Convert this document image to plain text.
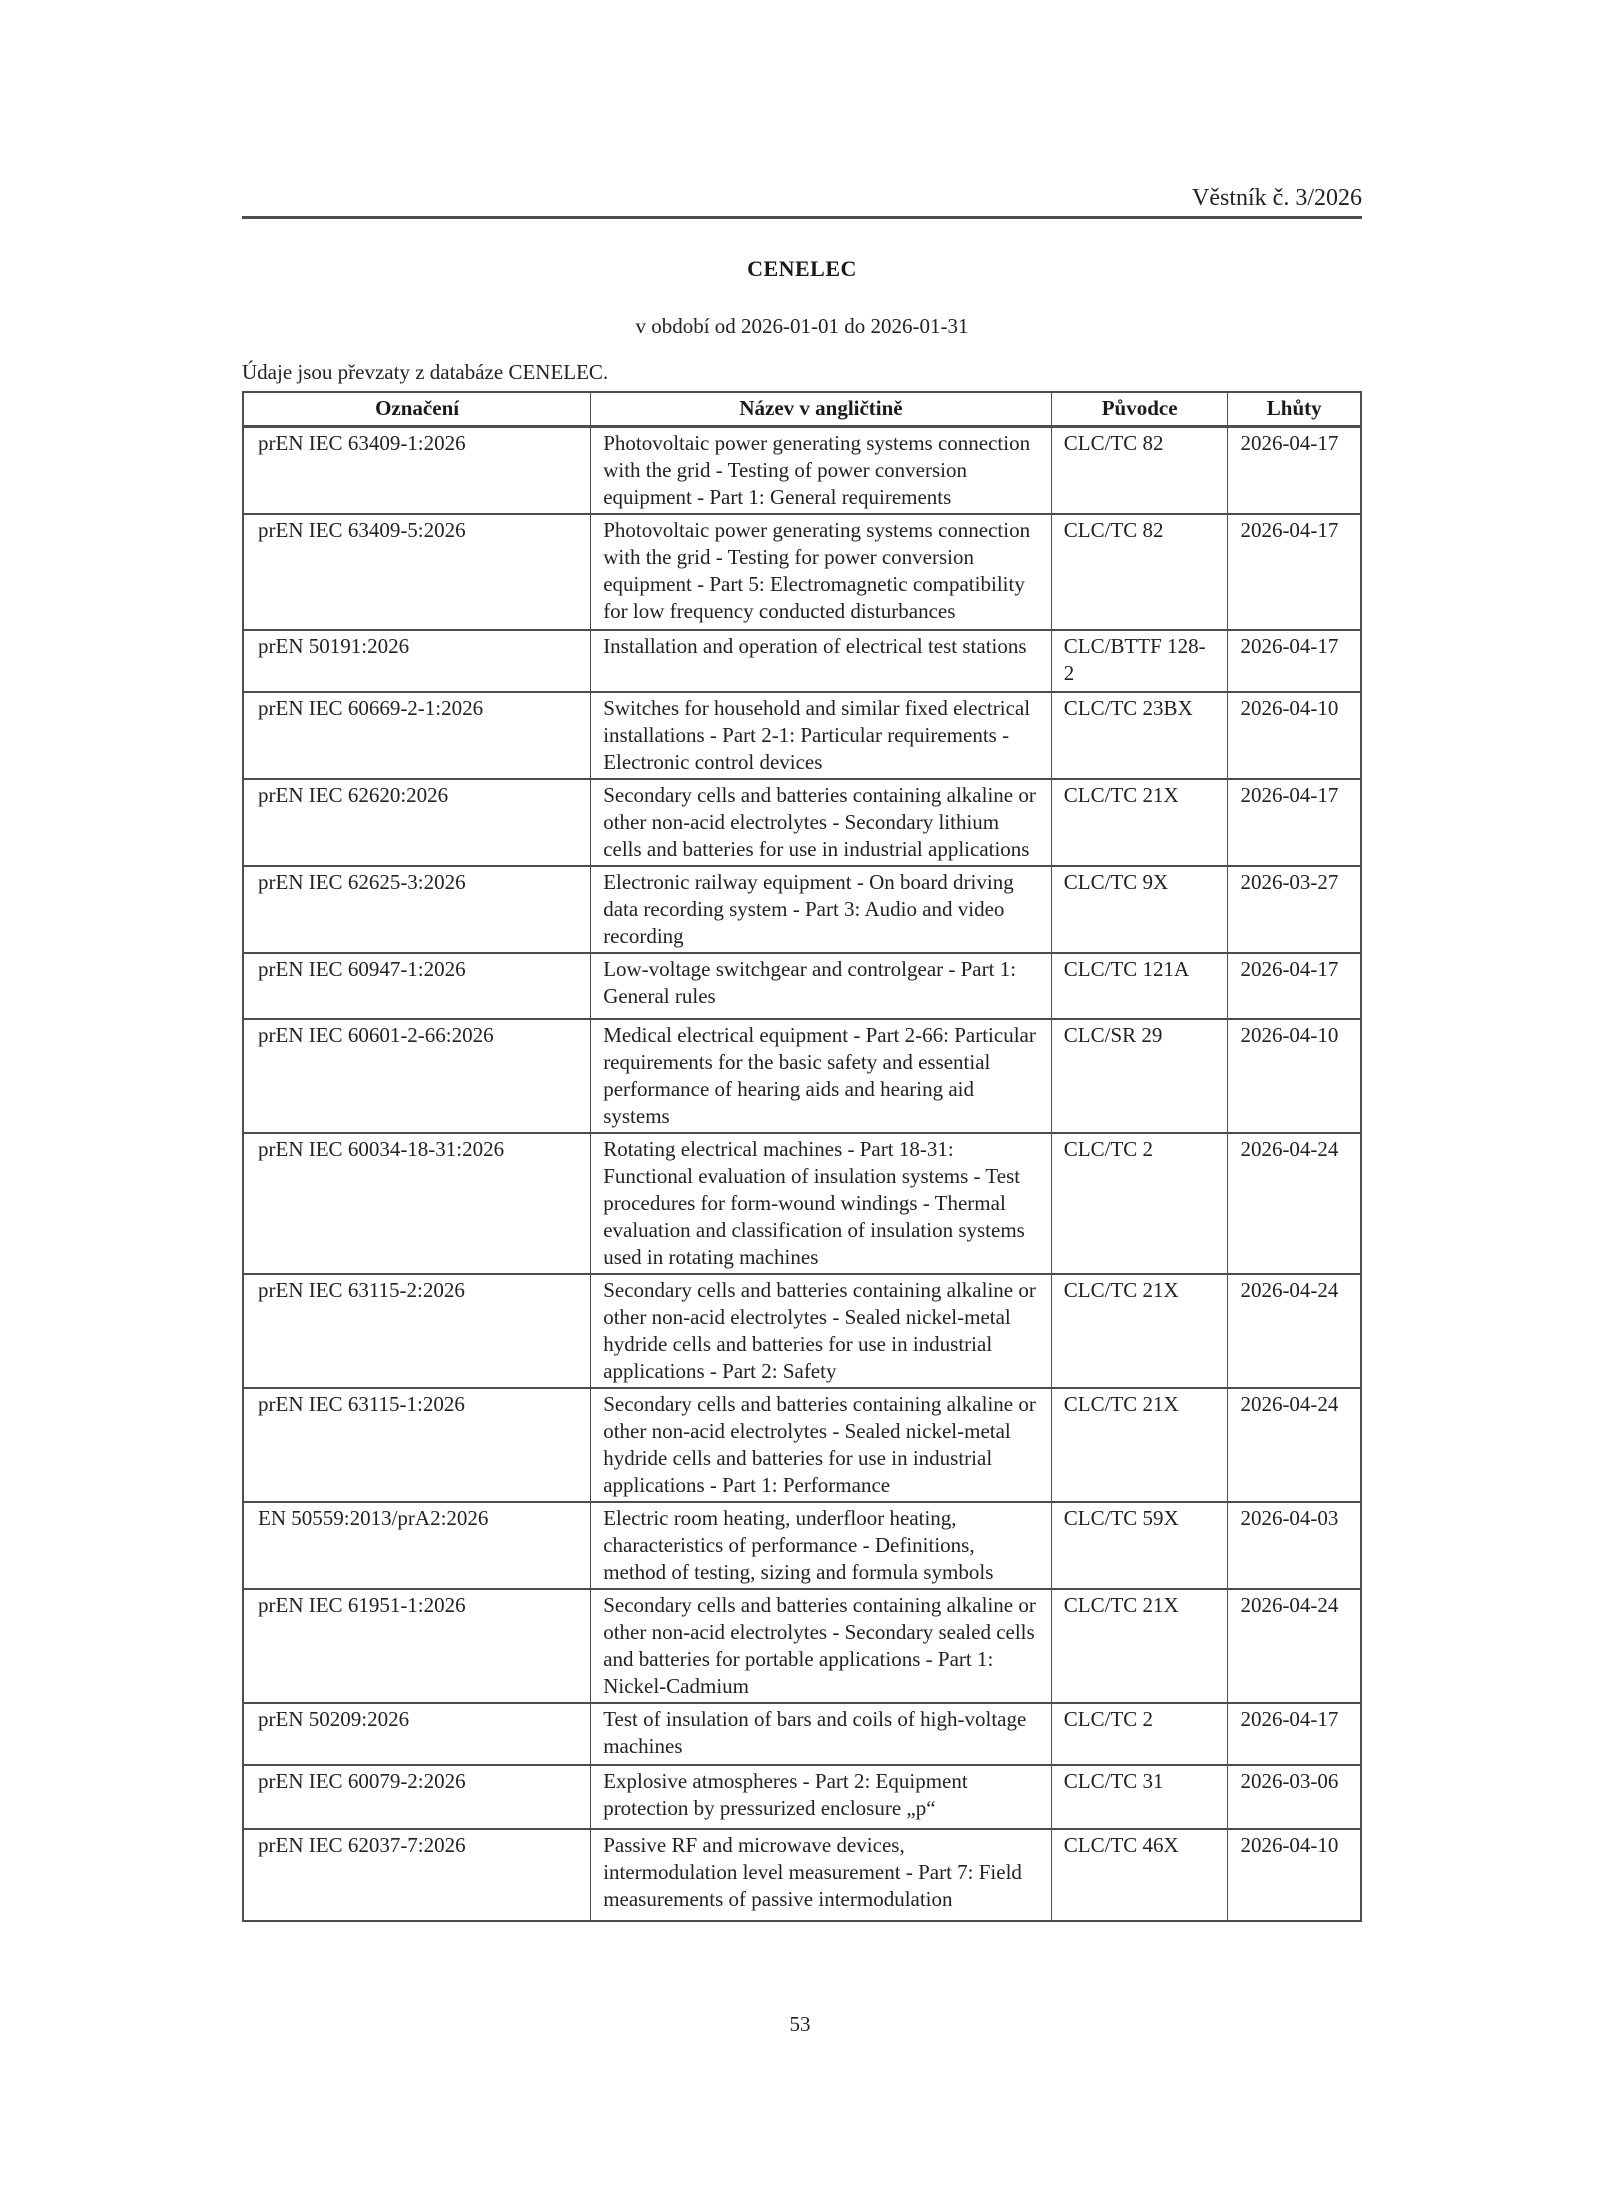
Věstník č. 3/2026
CENELEC
v období od 2026-01-01 do 2026-01-31
Údaje jsou převzaty z databáze CENELEC.
Označení	Název v angličtině	Původce	Lhůty
prEN IEC 63409-1:2026	Photovoltaic power generating systems connection with the grid - Testing of power conversion equipment - Part 1: General requirements	CLC/TC 82	2026-04-17
prEN IEC 63409-5:2026	Photovoltaic power generating systems connection with the grid - Testing for power conversion equipment - Part 5: Electromagnetic compatibility for low frequency conducted disturbances	CLC/TC 82	2026-04-17
prEN 50191:2026	Installation and operation of electrical test stations	CLC/BTTF 128-2	2026-04-17
prEN IEC 60669-2-1:2026	Switches for household and similar fixed electrical installations - Part 2-1: Particular requirements - Electronic control devices	CLC/TC 23BX	2026-04-10
prEN IEC 62620:2026	Secondary cells and batteries containing alkaline or other non-acid electrolytes - Secondary lithium cells and batteries for use in industrial applications	CLC/TC 21X	2026-04-17
prEN IEC 62625-3:2026	Electronic railway equipment - On board driving data recording system - Part 3: Audio and video recording	CLC/TC 9X	2026-03-27
prEN IEC 60947-1:2026	Low-voltage switchgear and controlgear - Part 1: General rules	CLC/TC 121A	2026-04-17
prEN IEC 60601-2-66:2026	Medical electrical equipment - Part 2-66: Particular requirements for the basic safety and essential performance of hearing aids and hearing aid systems	CLC/SR 29	2026-04-10
prEN IEC 60034-18-31:2026	Rotating electrical machines - Part 18-31: Functional evaluation of insulation systems - Test procedures for form-wound windings - Thermal evaluation and classification of insulation systems used in rotating machines	CLC/TC 2	2026-04-24
prEN IEC 63115-2:2026	Secondary cells and batteries containing alkaline or other non-acid electrolytes - Sealed nickel-metal hydride cells and batteries for use in industrial applications - Part 2: Safety	CLC/TC 21X	2026-04-24
prEN IEC 63115-1:2026	Secondary cells and batteries containing alkaline or other non-acid electrolytes - Sealed nickel-metal hydride cells and batteries for use in industrial applications - Part 1: Performance	CLC/TC 21X	2026-04-24
EN 50559:2013/prA2:2026	Electric room heating, underfloor heating, characteristics of performance - Definitions, method of testing, sizing and formula symbols	CLC/TC 59X	2026-04-03
prEN IEC 61951-1:2026	Secondary cells and batteries containing alkaline or other non-acid electrolytes - Secondary sealed cells and batteries for portable applications - Part 1: Nickel-Cadmium	CLC/TC 21X	2026-04-24
prEN 50209:2026	Test of insulation of bars and coils of high-voltage machines	CLC/TC 2	2026-04-17
prEN IEC 60079-2:2026	Explosive atmospheres - Part 2: Equipment protection by pressurized enclosure „p“	CLC/TC 31	2026-03-06
prEN IEC 62037-7:2026	Passive RF and microwave devices, intermodulation level measurement - Part 7: Field measurements of passive intermodulation	CLC/TC 46X	2026-04-10
53
